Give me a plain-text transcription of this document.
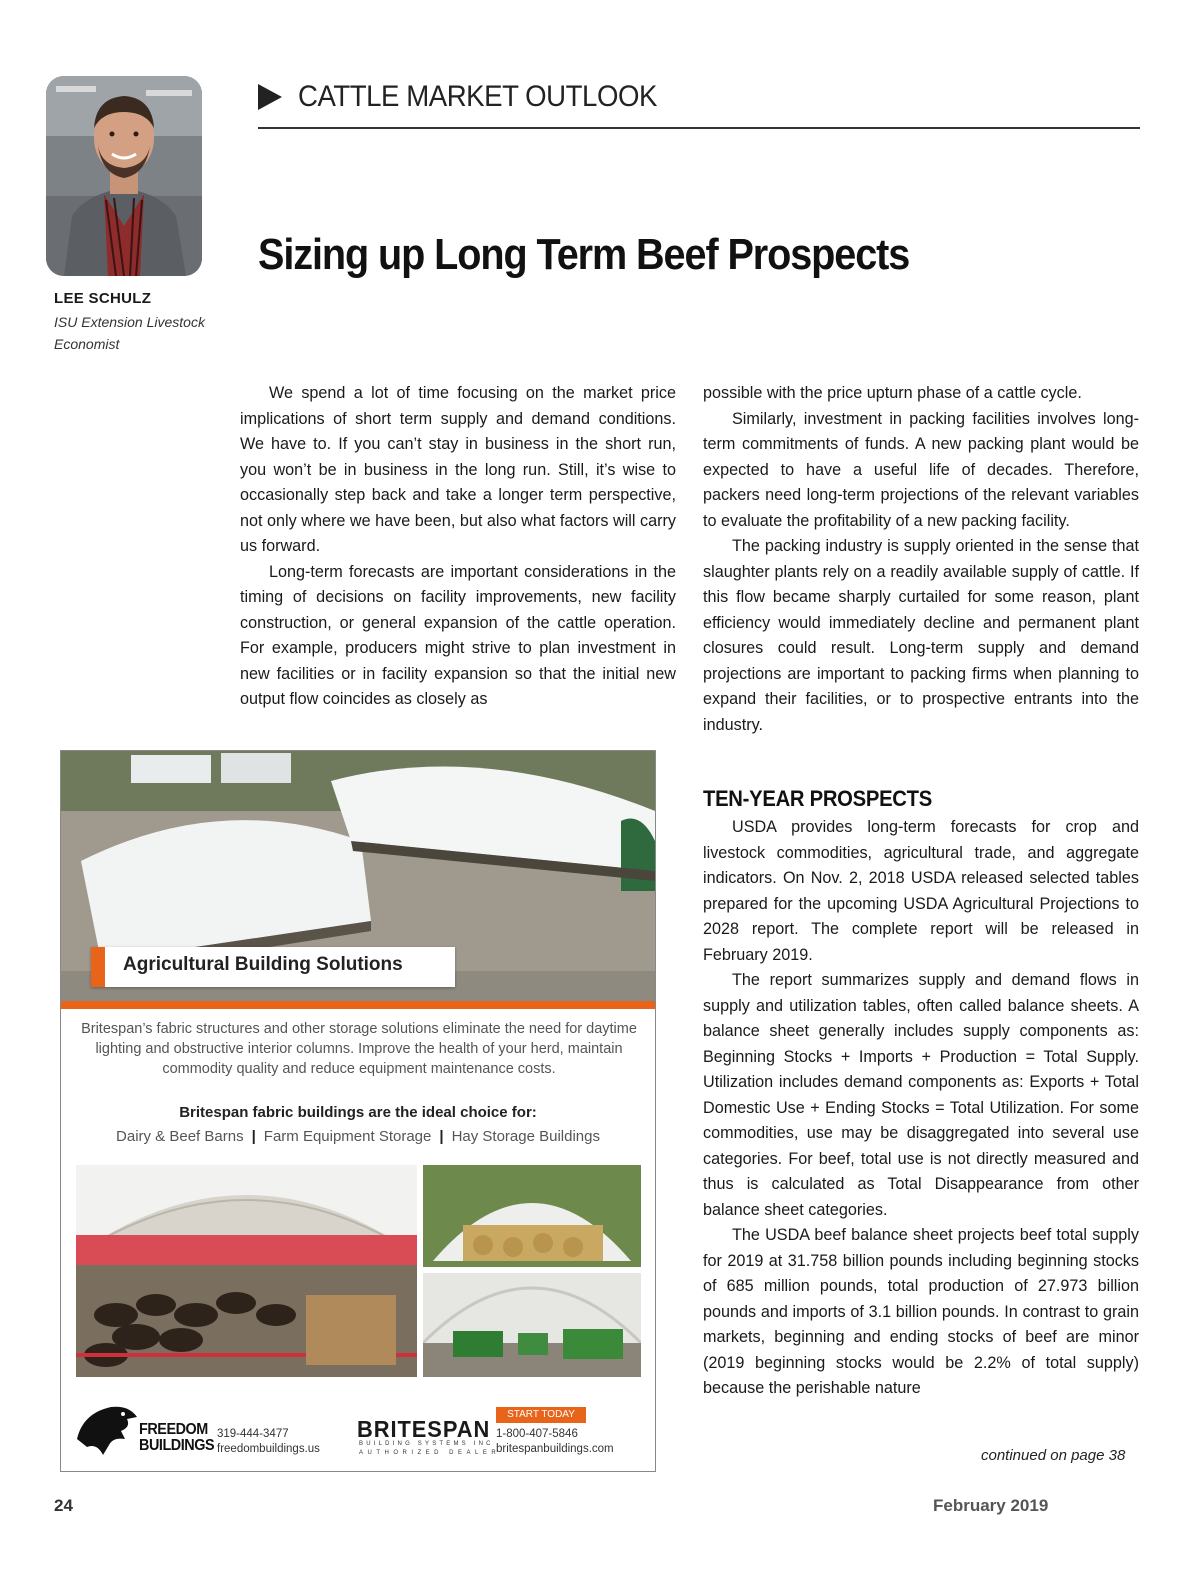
LEE SCHULZ
ISU Extension Livestock Economist
CATTLE MARKET OUTLOOK
Sizing up Long Term Beef Prospects

We spend a lot of time focusing on the market price implications of short term supply and demand conditions. We have to. If you can’t stay in business in the short run, you won’t be in business in the long run. Still, it’s wise to occasionally step back and take a longer term perspective, not only where we have been, but also what factors will carry us forward.

Long-term forecasts are important considerations in the timing of decisions on facility improvements, new facility construction, or general expansion of the cattle operation. For example, producers might strive to plan investment in new facilities or in facility expansion so that the initial new output flow coincides as closely as

possible with the price upturn phase of a cattle cycle.

Similarly, investment in packing facilities involves long-term commitments of funds. A new packing plant would be expected to have a useful life of decades. Therefore, packers need long-term projections of the relevant variables to evaluate the profitability of a new packing facility.

The packing industry is supply oriented in the sense that slaughter plants rely on a readily available supply of cattle. If this flow became sharply curtailed for some reason, plant efficiency would immediately decline and permanent plant closures could result. Long-term supply and demand projections are important to packing firms when planning to expand their facilities, or to prospective entrants into the industry.

TEN-YEAR PROSPECTS

USDA provides long-term forecasts for crop and livestock commodities, agricultural trade, and aggregate indicators. On Nov. 2, 2018 USDA released selected tables prepared for the upcoming USDA Agricultural Projections to 2028 report. The complete report will be released in February 2019.

The report summarizes supply and demand flows in supply and utilization tables, often called balance sheets. A balance sheet generally includes supply components as: Beginning Stocks + Imports + Production = Total Supply. Utilization includes demand components as: Exports + Total Domestic Use + Ending Stocks = Total Utilization. For some commodities, use may be disaggregated into several use categories. For beef, total use is not directly measured and thus is calculated as Total Disappearance from other balance sheet categories.

The USDA beef balance sheet projects beef total supply for 2019 at 31.758 billion pounds including beginning stocks of 685 million pounds, total production of 27.973 billion pounds and imports of 3.1 billion pounds. In contrast to grain markets, beginning and ending stocks of beef are minor (2019 beginning stocks would be 2.2% of total supply) because the perishable nature

continued on page 38
24	February 2019
Agricultural Building Solutions
Britespan’s fabric structures and other storage solutions eliminate the need for daytime lighting and obstructive interior columns. Improve the health of your herd, maintain commodity quality and reduce equipment maintenance costs.
Britespan fabric buildings are the ideal choice for:
Dairy & Beef Barns | Farm Equipment Storage | Hay Storage Buildings
FREEDOM
BUILDINGS
319-444-3477
freedombuildings.us
BRITESPAN
BUILDING SYSTEMS INC
AUTHORIZED DEALER
START TODAY
1-800-407-5846
britespanbuildings.com
